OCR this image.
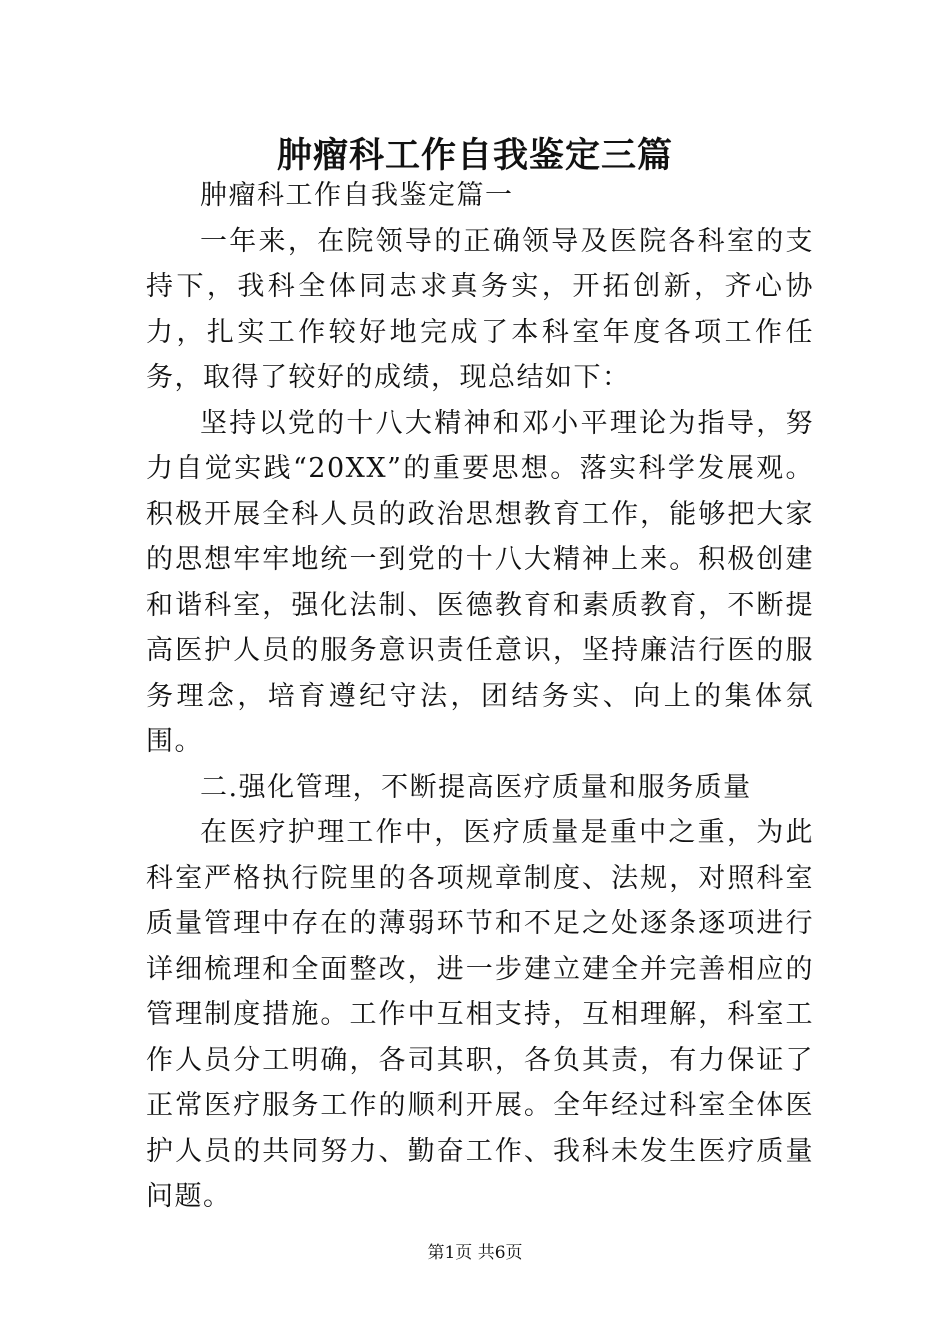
肿瘤科工作自我鉴定三篇

肿瘤科工作自我鉴定篇一

一年来，在院领导的正确领导及医院各科室的支持下，我科全体同志求真务实，开拓创新，齐心协力，扎实工作较好地完成了本科室年度各项工作任务，取得了较好的成绩，现总结如下：

坚持以党的十八大精神和邓小平理论为指导，努力自觉实践“20XX”的重要思想。落实科学发展观。积极开展全科人员的政治思想教育工作，能够把大家的思想牢牢地统一到党的十八大精神上来。积极创建和谐科室，强化法制、医德教育和素质教育，不断提高医护人员的服务意识责任意识，坚持廉洁行医的服务理念，培育遵纪守法，团结务实、向上的集体氛围。

二.强化管理，不断提高医疗质量和服务质量

在医疗护理工作中，医疗质量是重中之重，为此科室严格执行院里的各项规章制度、法规，对照科室质量管理中存在的薄弱环节和不足之处逐条逐项进行详细梳理和全面整改，进一步建立建全并完善相应的管理制度措施。工作中互相支持，互相理解，科室工作人员分工明确，各司其职，各负其责，有力保证了正常医疗服务工作的顺利开展。全年经过科室全体医护人员的共同努力、勤奋工作、我科未发生医疗质量问题。

第1页 共6页
